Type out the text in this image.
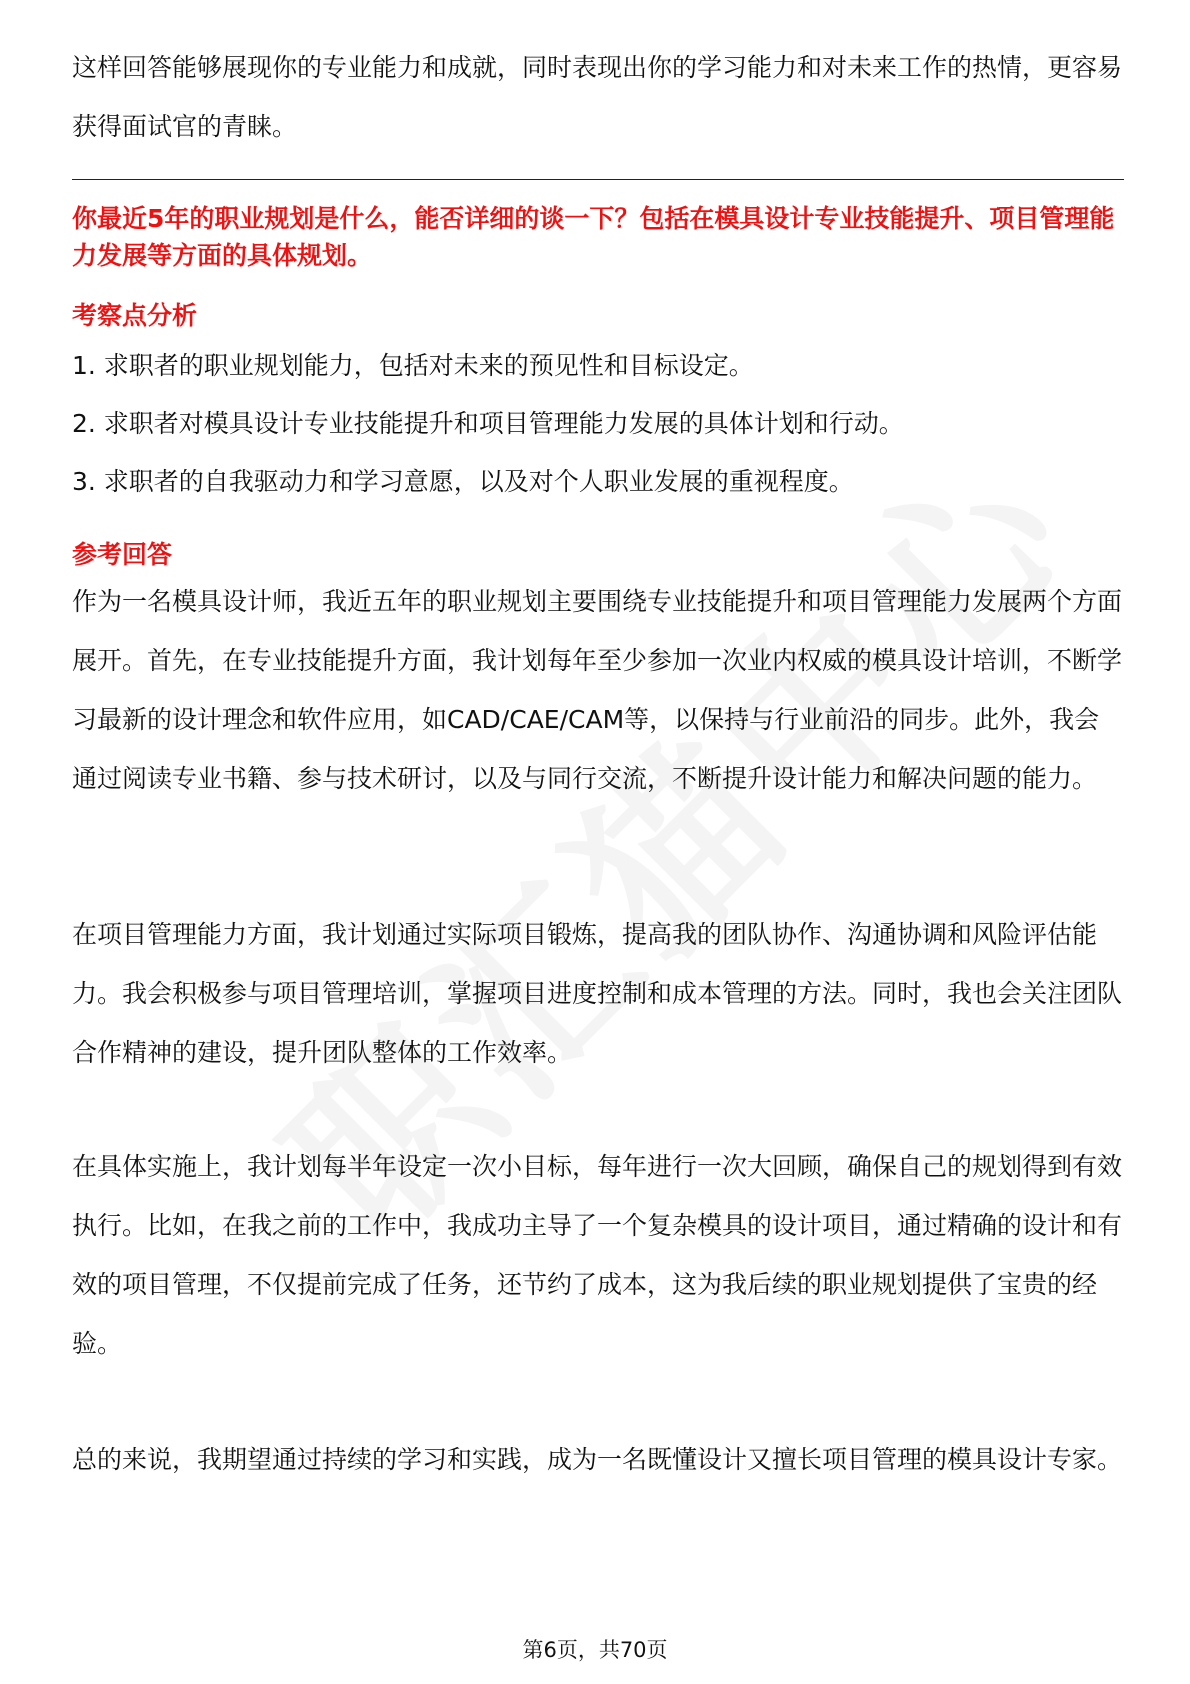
这样回答能够展现你的专业能力和成就，同时表现出你的学习能力和对未来工作的热情，更容易获得面试官的青睐。

你最近5年的职业规划是什么，能否详细的谈一下？包括在模具设计专业技能提升、项目管理能力发展等方面的具体规划。

考察点分析

1. 求职者的职业规划能力，包括对未来的预见性和目标设定。

2. 求职者对模具设计专业技能提升和项目管理能力发展的具体计划和行动。

3. 求职者的自我驱动力和学习意愿，以及对个人职业发展的重视程度。

参考回答

作为一名模具设计师，我近五年的职业规划主要围绕专业技能提升和项目管理能力发展两个方面展开。首先，在专业技能提升方面，我计划每年至少参加一次业内权威的模具设计培训，不断学习最新的设计理念和软件应用，如CAD/CAE/CAM等，以保持与行业前沿的同步。此外，我会通过阅读专业书籍、参与技术研讨，以及与同行交流，不断提升设计能力和解决问题的能力。

在项目管理能力方面，我计划通过实际项目锻炼，提高我的团队协作、沟通协调和风险评估能力。我会积极参与项目管理培训，掌握项目进度控制和成本管理的方法。同时，我也会关注团队合作精神的建设，提升团队整体的工作效率。

在具体实施上，我计划每半年设定一次小目标，每年进行一次大回顾，确保自己的规划得到有效执行。比如，在我之前的工作中，我成功主导了一个复杂模具的设计项目，通过精确的设计和有效的项目管理，不仅提前完成了任务，还节约了成本，这为我后续的职业规划提供了宝贵的经验。

总的来说，我期望通过持续的学习和实践，成为一名既懂设计又擅长项目管理的模具设计专家。

第6页，共70页
